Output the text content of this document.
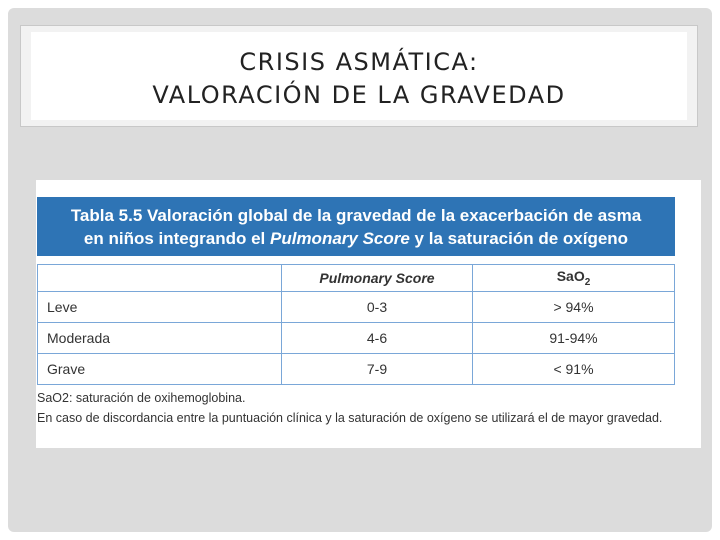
CRISIS ASMÁTICA:
VALORACIÓN DE LA GRAVEDAD
Tabla 5.5 Valoración global de la gravedad de la exacerbación de asma
en niños integrando el Pulmonary Score y la saturación de oxígeno
	Pulmonary Score	SaO$_2$
Leve	0-3	> 94%
Moderada	4-6	91-94%
Grave	7-9	< 91%
SaO2: saturación de oxihemoglobina.
En caso de discordancia entre la puntuación clínica y la saturación de oxígeno se utilizará el de mayor gravedad.
